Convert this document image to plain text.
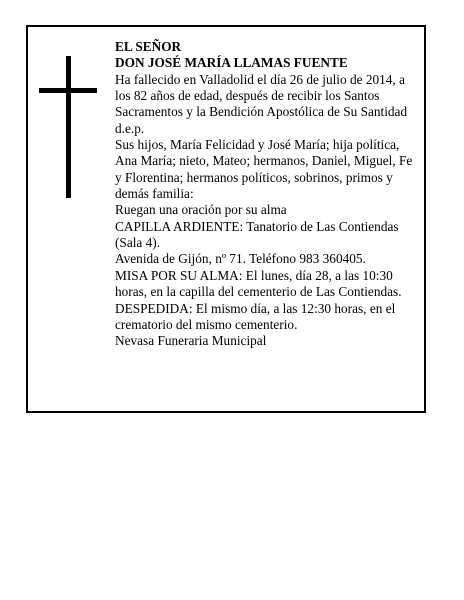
EL SEÑOR

DON JOSÉ MARÍA LLAMAS FUENTE

Ha fallecido en Valladolid el día 26 de julio de 2014, a los 82 años de edad, después de recibir los Santos Sacramentos y la Bendición Apostólica de Su Santidad d.e.p.

Sus hijos, María Felicidad y José María; hija política, Ana María; nieto, Mateo; hermanos, Daniel, Miguel, Fe y Florentina; hermanos políticos, sobrinos, primos y demás familia:

Ruegan una oración por su alma

CAPILLA ARDIENTE: Tanatorio de Las Contiendas (Sala 4).

Avenida de Gijón, nº 71. Teléfono 983 360405.

MISA POR SU ALMA: El lunes, día 28, a las 10:30 horas, en la capilla del cementerio de Las Contiendas.

DESPEDIDA: El mismo día, a las 12:30 horas, en el crematorio del mismo cementerio.

Nevasa Funeraria Municipal
